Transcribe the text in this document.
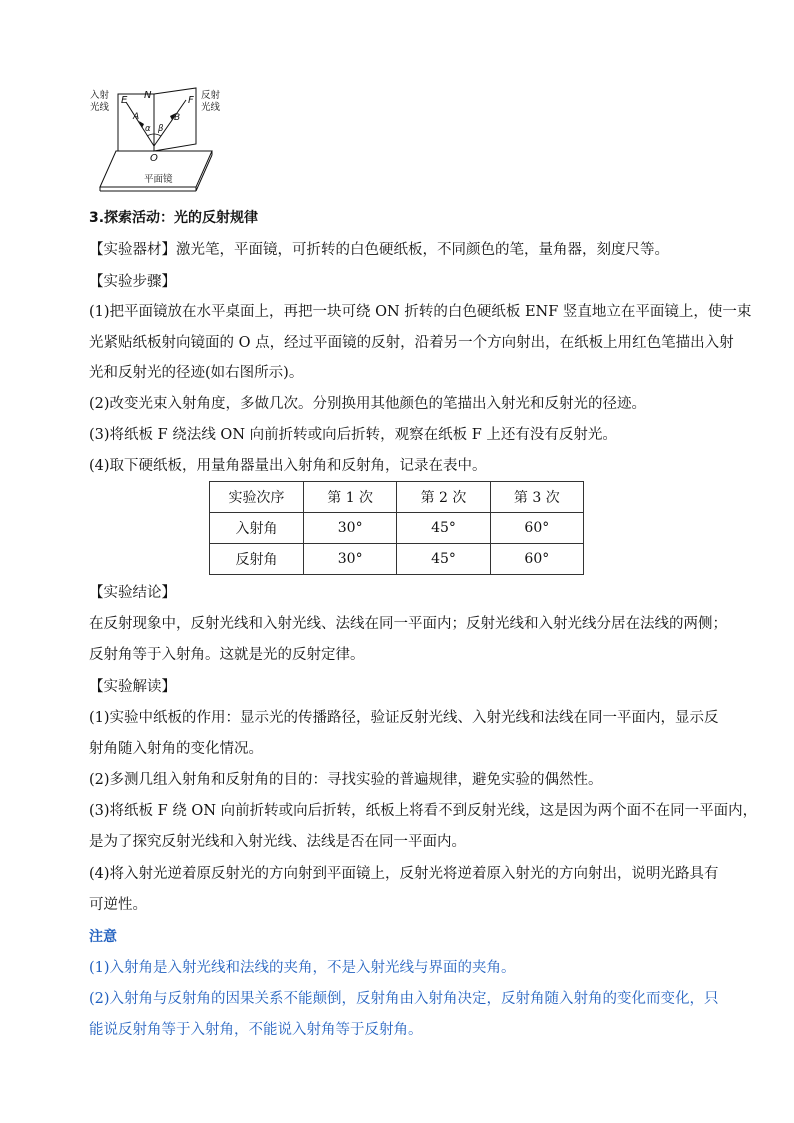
入射
光线
反射
光线
E N	F
A	B
α β
O
平面镜
3.探索活动：光的反射规律
【实验器材】激光笔，平面镜，可折转的白色硬纸板，不同颜色的笔，量角器，刻度尺等。
【实验步骤】
(1)把平面镜放在水平桌面上，再把一块可绕 ON 折转的白色硬纸板 ENF 竖直地立在平面镜上，使一束
光紧贴纸板射向镜面的 O 点，经过平面镜的反射，沿着另一个方向射出，在纸板上用红色笔描出入射
光和反射光的径迹(如右图所示)。
(2)改变光束入射角度，多做几次。分别换用其他颜色的笔描出入射光和反射光的径迹。
(3)将纸板 F 绕法线 ON 向前折转或向后折转，观察在纸板 F 上还有没有反射光。
(4)取下硬纸板，用量角器量出入射角和反射角，记录在表中。
实验次序	第 1 次	第 2 次	第 3 次
入射角	30°	45°	60°
反射角	30°	45°	60°
【实验结论】
在反射现象中，反射光线和入射光线、法线在同一平面内；反射光线和入射光线分居在法线的两侧；
反射角等于入射角。这就是光的反射定律。
【实验解读】
(1)实验中纸板的作用：显示光的传播路径，验证反射光线、入射光线和法线在同一平面内，显示反
射角随入射角的变化情况。
(2)多测几组入射角和反射角的目的：寻找实验的普遍规律，避免实验的偶然性。
(3)将纸板 F 绕 ON 向前折转或向后折转，纸板上将看不到反射光线，这是因为两个面不在同一平面内，
是为了探究反射光线和入射光线、法线是否在同一平面内。
(4)将入射光逆着原反射光的方向射到平面镜上，反射光将逆着原入射光的方向射出，说明光路具有
可逆性。
注意
(1)入射角是入射光线和法线的夹角，不是入射光线与界面的夹角。
(2)入射角与反射角的因果关系不能颠倒，反射角由入射角决定，反射角随入射角的变化而变化，只
能说反射角等于入射角，不能说入射角等于反射角。
